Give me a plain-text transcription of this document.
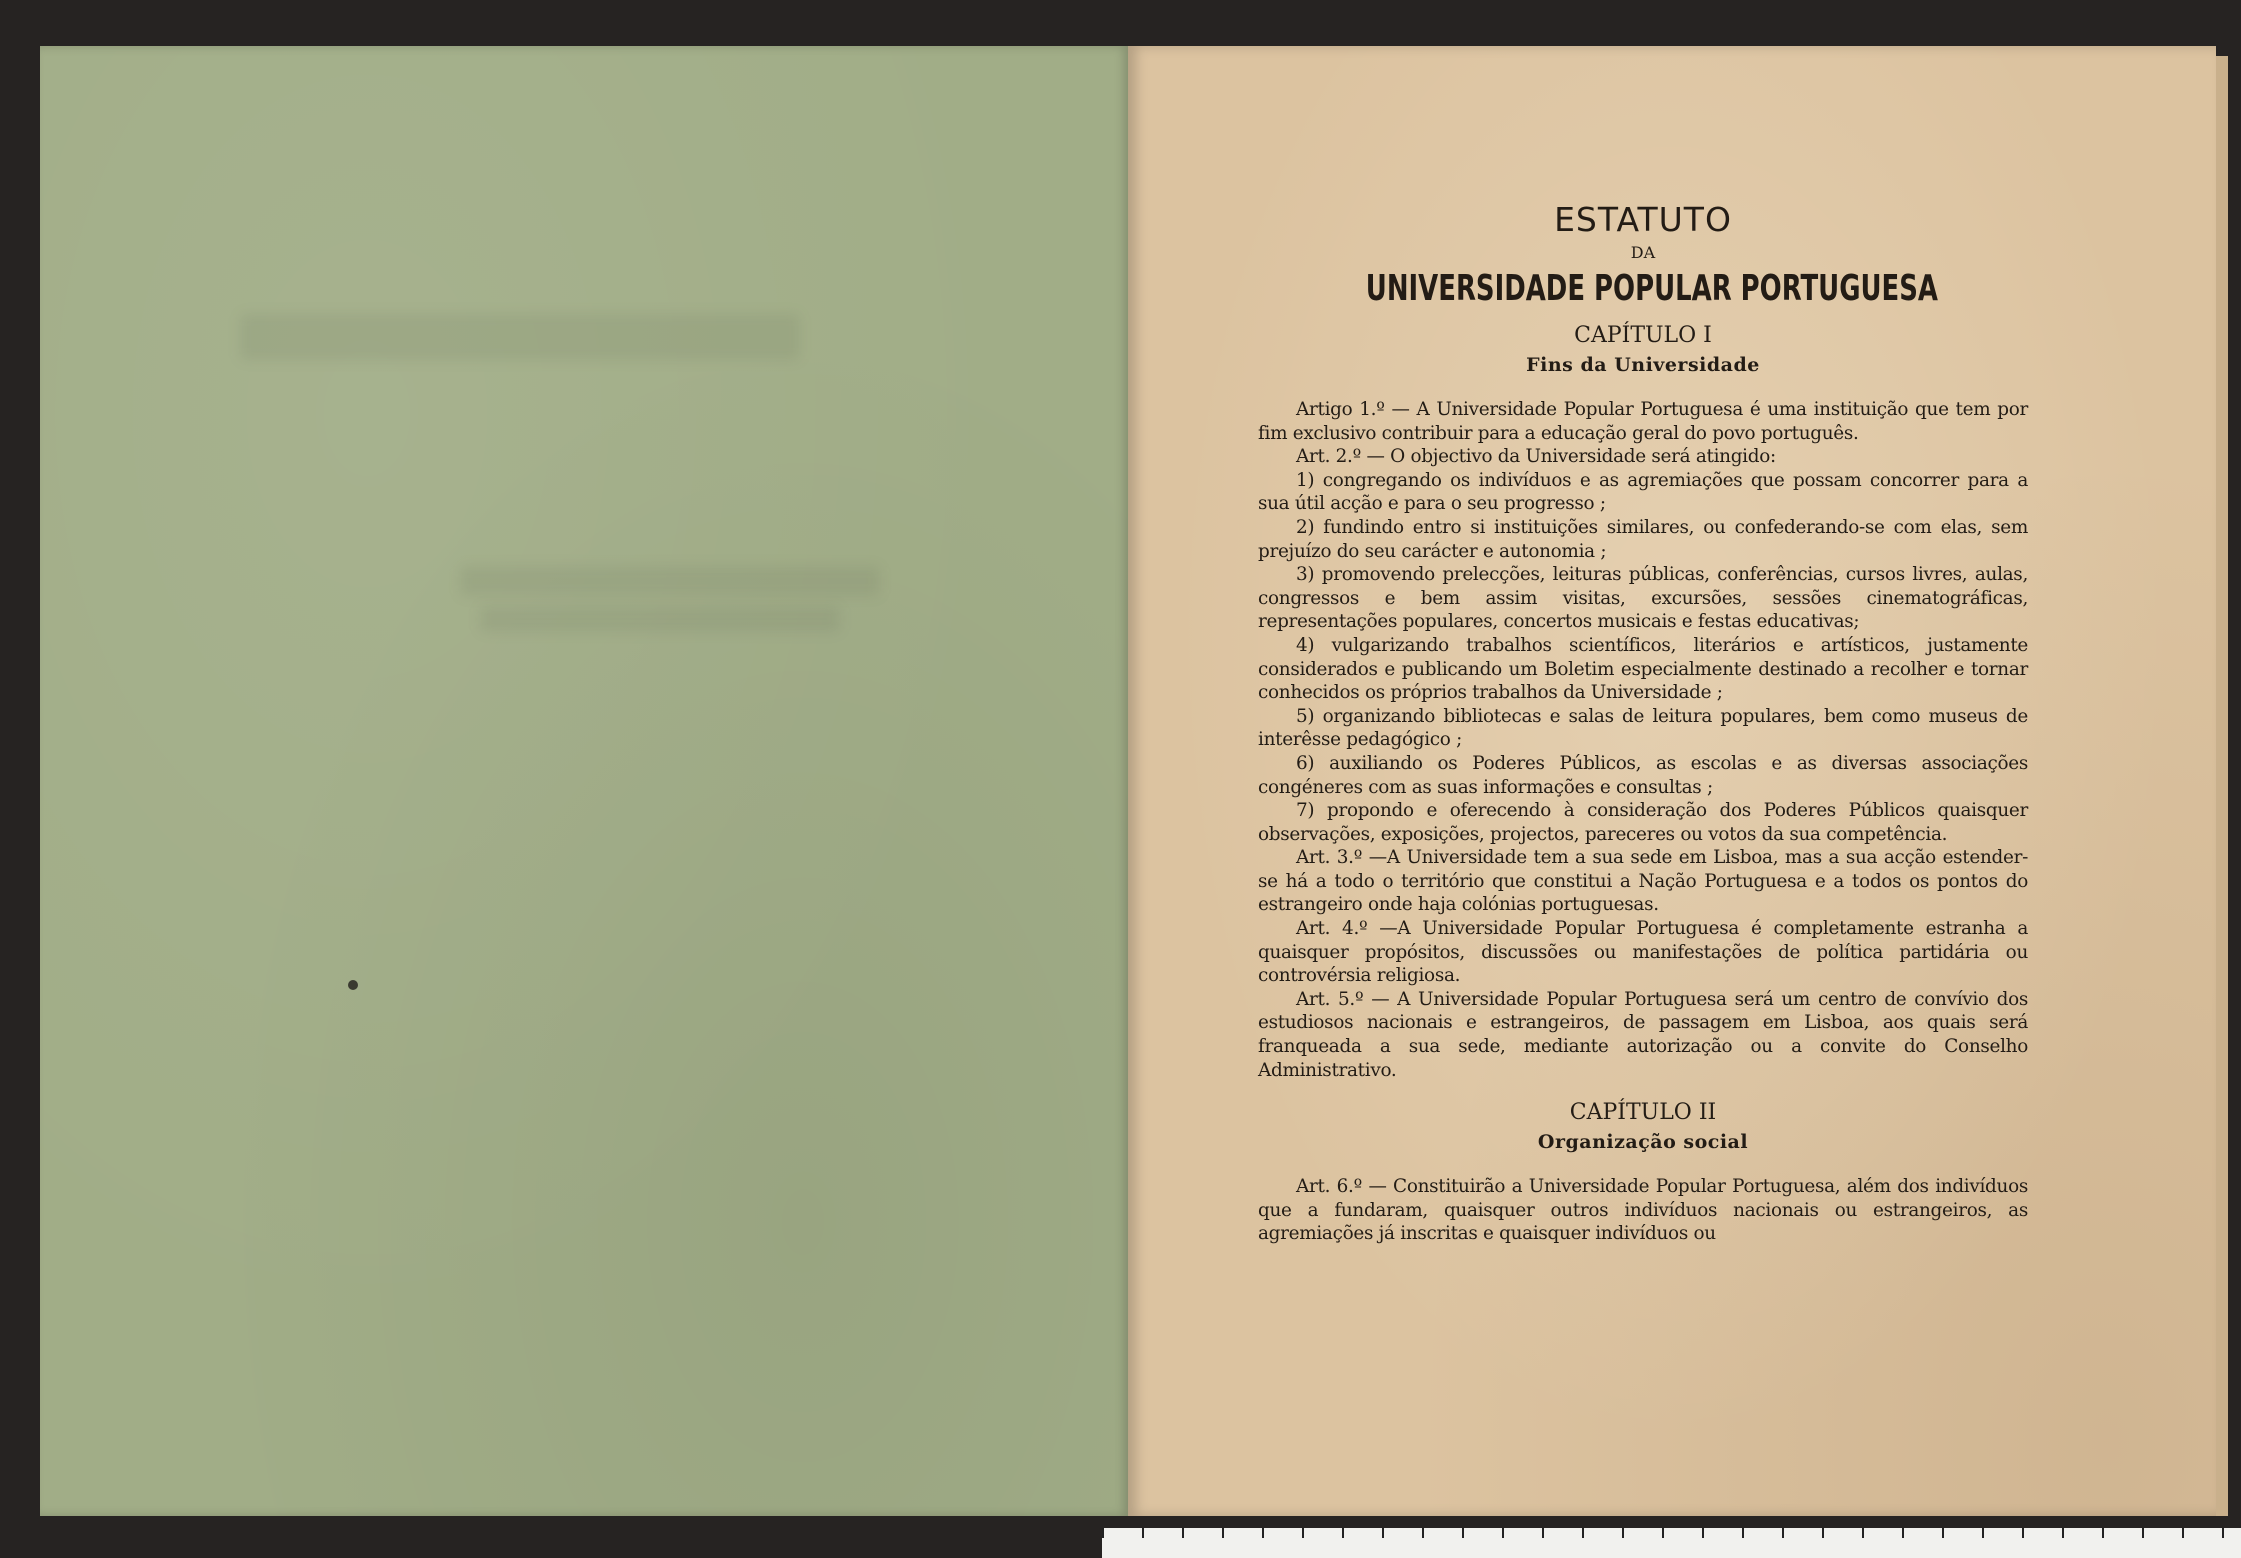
ESTATUTO
DA
UNIVERSIDADE POPULAR PORTUGUESA
CAPÍTULO I
Fins da Universidade

Artigo 1.º — A Universidade Popular Portuguesa é uma instituição que tem por fim exclusivo contribuir para a educação geral do povo português.

Art. 2.º — O objectivo da Universidade será atingido:

1) congregando os indivíduos e as agremiações que possam concorrer para a sua útil acção e para o seu progresso ;

2) fundindo entro si instituições similares, ou confederando-se com elas, sem prejuízo do seu carácter e autonomia ;

3) promovendo prelecções, leituras públicas, conferências, cursos livres, aulas, congressos e bem assim visitas, excursões, sessões cinematográficas, representações populares, concertos musicais e festas educativas;

4) vulgarizando trabalhos scientíficos, literários e artísticos, justamente considerados e publicando um Boletim especialmente destinado a recolher e tornar conhecidos os próprios trabalhos da Universidade ;

5) organizando bibliotecas e salas de leitura populares, bem como museus de interêsse pedagógico ;

6) auxiliando os Poderes Públicos, as escolas e as diversas associações congéneres com as suas informações e consultas ;

7) propondo e oferecendo à consideração dos Poderes Públicos quaisquer observações, exposições, projectos, pareceres ou votos da sua competência.

Art. 3.º —A Universidade tem a sua sede em Lisboa, mas a sua acção estender-se há a todo o território que constitui a Nação Portuguesa e a todos os pontos do estrangeiro onde haja colónias portuguesas.

Art. 4.º —A Universidade Popular Portuguesa é completamente estranha a quaisquer propósitos, discussões ou manifestações de política partidária ou controvérsia religiosa.

Art. 5.º — A Universidade Popular Portuguesa será um centro de convívio dos estudiosos nacionais e estrangeiros, de passagem em Lisboa, aos quais será franqueada a sua sede, mediante autorização ou a convite do Conselho Administrativo.

CAPÍTULO II
Organização social

Art. 6.º — Constituirão a Universidade Popular Portuguesa, além dos indivíduos que a fundaram, quaisquer outros indivíduos nacionais ou estrangeiros, as agremiações já inscritas e quaisquer indivíduos ou
